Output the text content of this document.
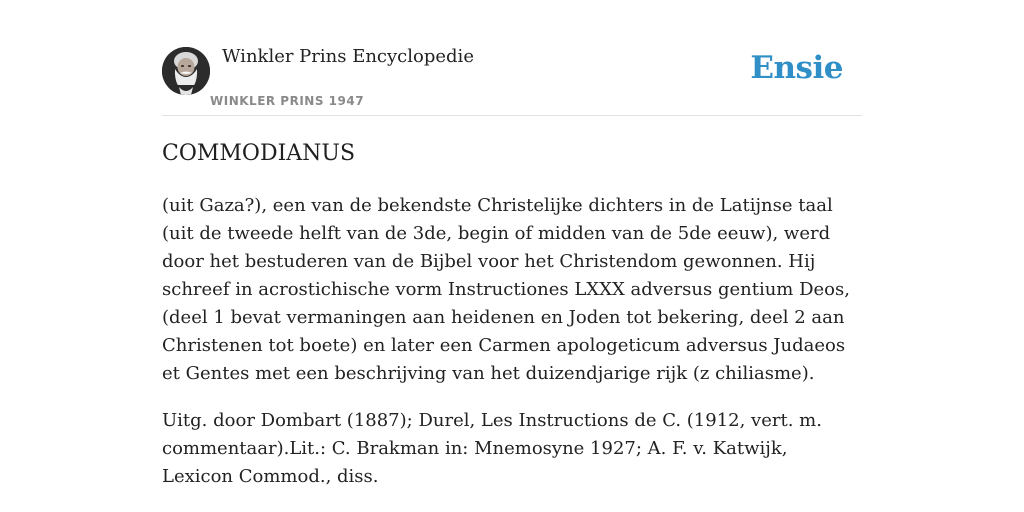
Winkler Prins Encyclopedie
WINKLER PRINS 1947
Ensie
COMMODIANUS

(uit Gaza?), een van de bekendste Christelijke dichters in de Latijnse taal (uit de tweede helft van de 3de, begin of midden van de 5de eeuw), werd door het bestuderen van de Bijbel voor het Christendom gewonnen. Hij schreef in acrostichische vorm Instructiones LXXX adversus gentium Deos, (deel 1 bevat vermaningen aan heidenen en Joden tot bekering, deel 2 aan Christenen tot boete) en later een Carmen apologeticum adversus Judaeos et Gentes met een beschrijving van het duizendjarige rijk (z chiliasme).

Uitg. door Dombart (1887); Durel, Les Instructions de C. (1912, vert. m. commentaar).Lit.: C. Brakman in: Mnemosyne 1927; A. F. v. Katwijk, Lexicon Commod., diss.
